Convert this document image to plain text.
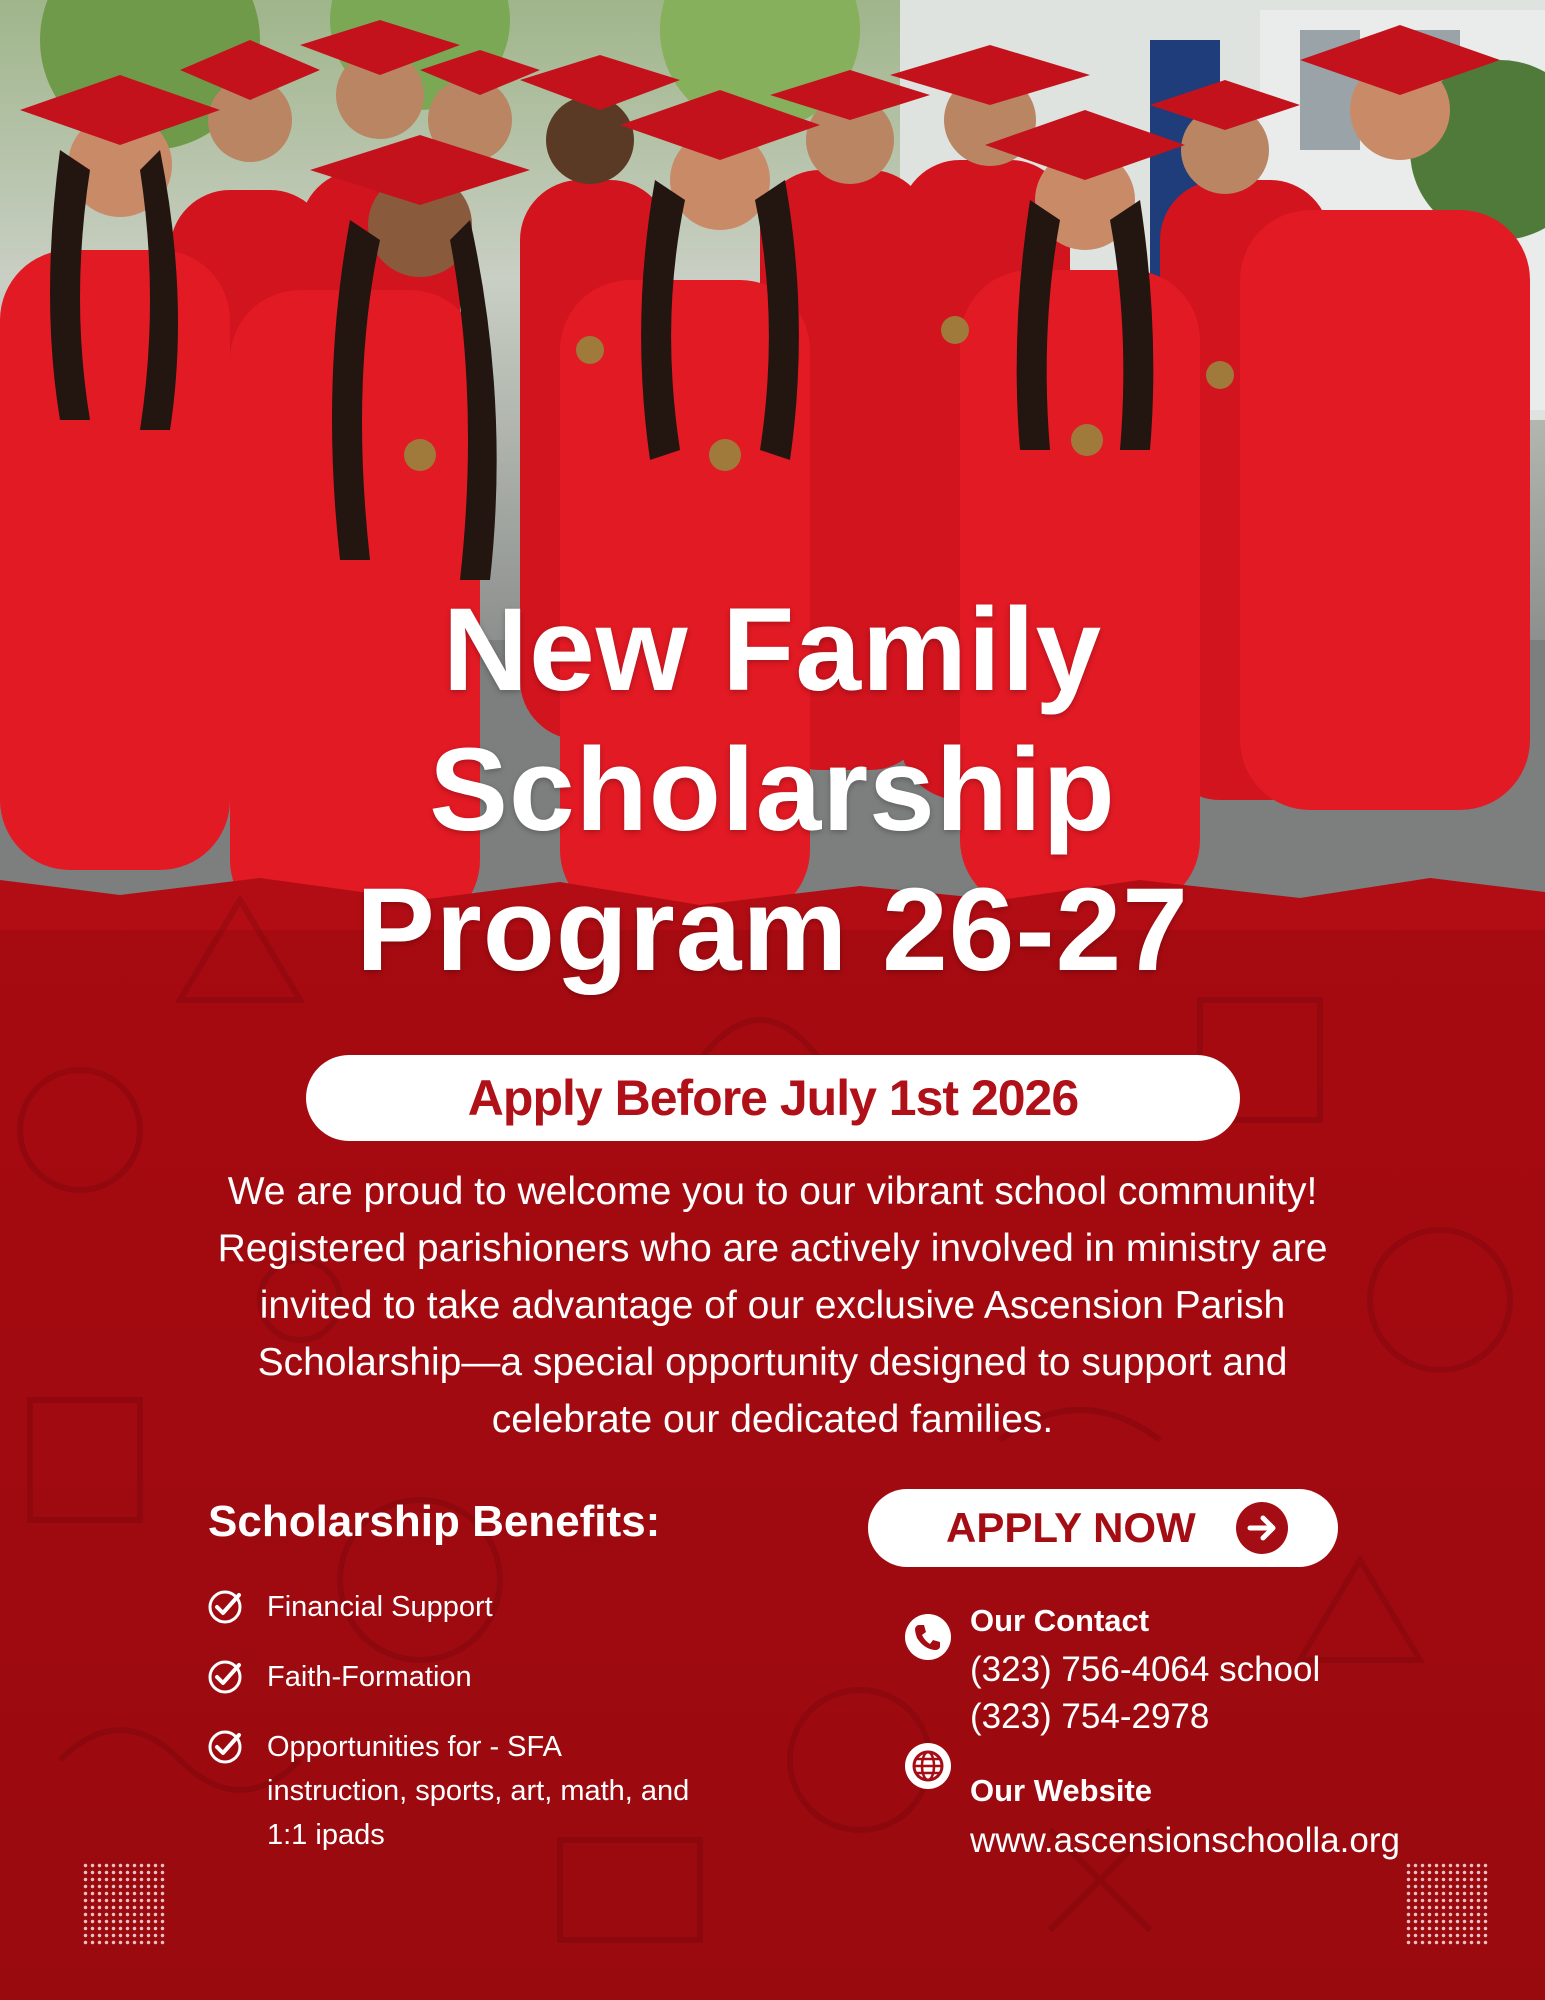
New Family
Scholarship
Program 26-27
Apply Before July 1st 2026
We are proud to welcome you to our vibrant school community!
Registered parishioners who are actively involved in ministry are
invited to take advantage of our exclusive Ascension Parish
Scholarship—a special opportunity designed to support and
celebrate our dedicated families.
Scholarship Benefits:
Financial Support
Faith-Formation
Opportunities for - SFA
instruction, sports, art, math, and
1:1 ipads
APPLY NOW
Our Contact
(323) 756-4064 school
(323) 754-2978
Our Website
www.ascensionschoolla.org
